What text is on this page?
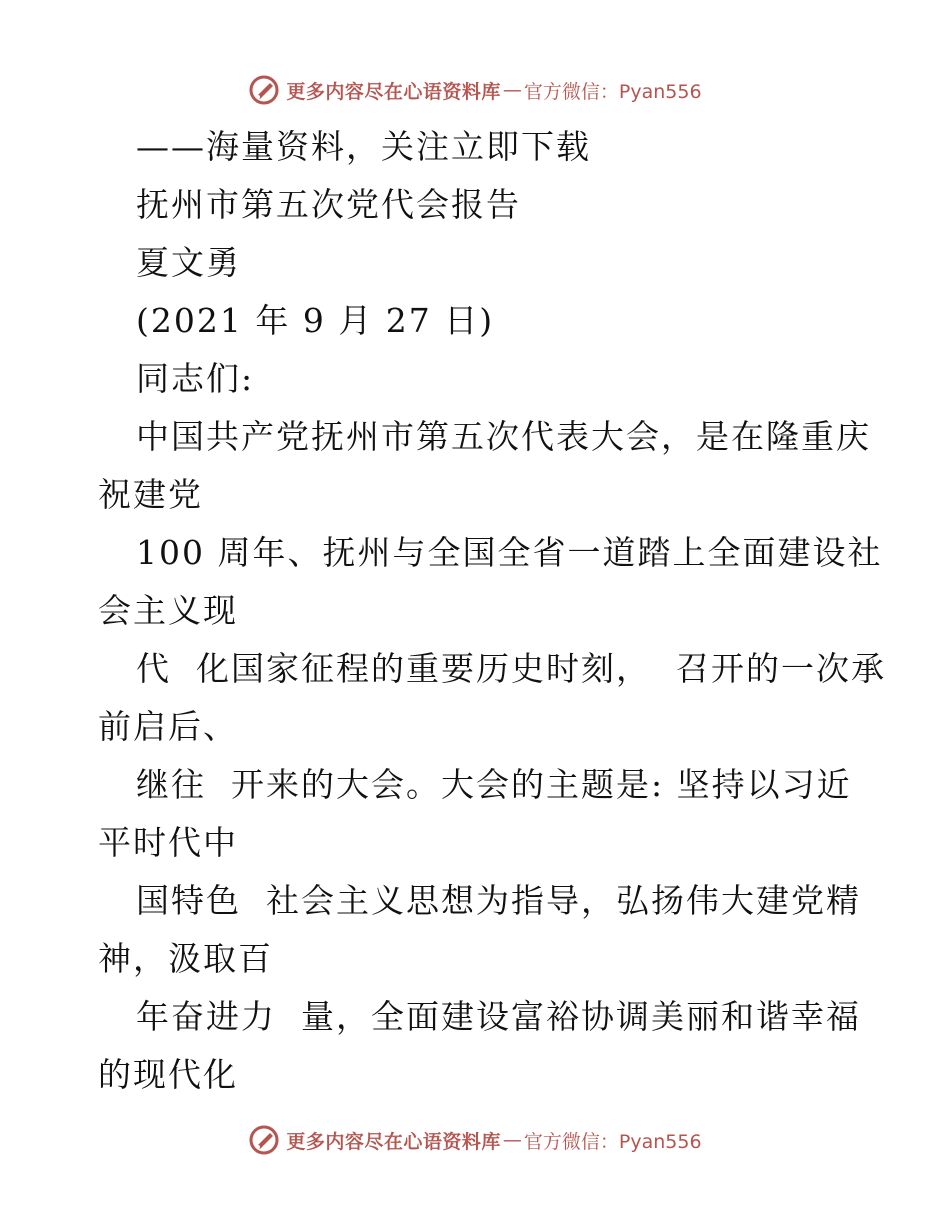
更多内容尽在心语资料库 — 官方微信：Pyan556
——海量资料，关注立即下载
抚州市第五次党代会报告
夏文勇
(2021 年 9 月 27 日)
同志们:
中国共产党抚州市第五次代表大会，是在隆重庆
祝建党
100 周年、抚州与全国全省一道踏上全面建设社
会主义现
代  化国家征程的重要历史时刻，  召开的一次承
前启后、
继往  开来的大会。大会的主题是: 坚持以习近
平时代中
国特色  社会主义思想为指导，弘扬伟大建党精
神，汲取百
年奋进力  量，全面建设富裕协调美丽和谐幸福
的现代化
更多内容尽在心语资料库 — 官方微信：Pyan556
